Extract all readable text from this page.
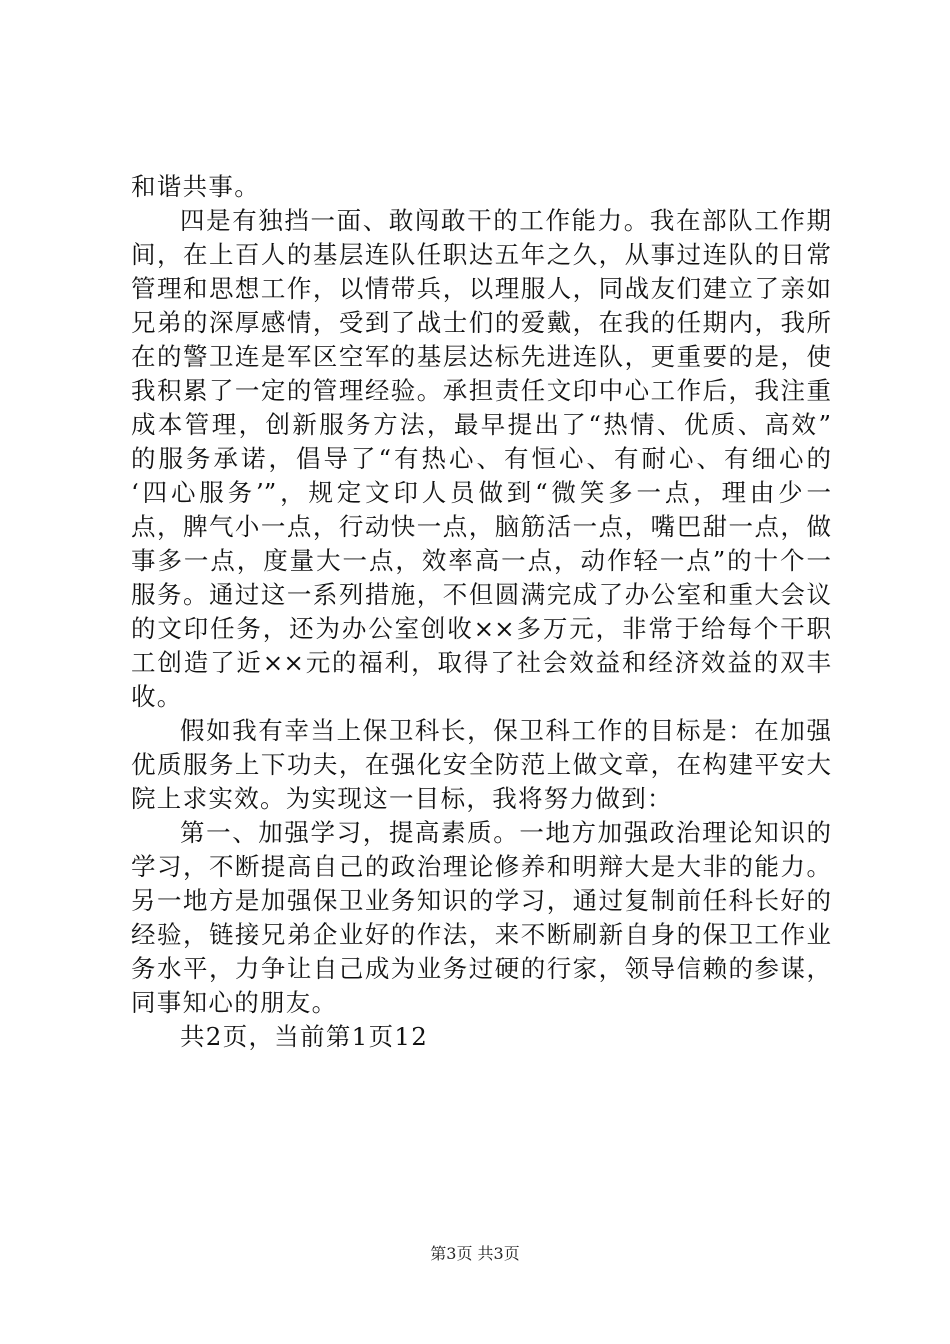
和谐共事。
四是有独挡一面、敢闯敢干的工作能力。我在部队工作期
间，在上百人的基层连队任职达五年之久，从事过连队的日常
管理和思想工作，以情带兵，以理服人，同战友们建立了亲如
兄弟的深厚感情，受到了战士们的爱戴，在我的任期内，我所
在的警卫连是军区空军的基层达标先进连队，更重要的是，使
我积累了一定的管理经验。承担责任文印中心工作后，我注重
成本管理，创新服务方法，最早提出了“热情、优质、高效”
的服务承诺，倡导了“有热心、有恒心、有耐心、有细心的
‘四心服务’”，规定文印人员做到“微笑多一点，理由少一
点，脾气小一点，行动快一点，脑筋活一点，嘴巴甜一点，做
事多一点，度量大一点，效率高一点，动作轻一点”的十个一
服务。通过这一系列措施，不但圆满完成了办公室和重大会议
的文印任务，还为办公室创收××多万元，非常于给每个干职
工创造了近××元的福利，取得了社会效益和经济效益的双丰
收。
假如我有幸当上保卫科长，保卫科工作的目标是：在加强
优质服务上下功夫，在强化安全防范上做文章，在构建平安大
院上求实效。为实现这一目标，我将努力做到：
第一、加强学习，提高素质。一地方加强政治理论知识的
学习，不断提高自己的政治理论修养和明辩大是大非的能力。
另一地方是加强保卫业务知识的学习，通过复制前任科长好的
经验，链接兄弟企业好的作法，来不断刷新自身的保卫工作业
务水平，力争让自己成为业务过硬的行家，领导信赖的参谋，
同事知心的朋友。
共2页，当前第1页12
第3页 共3页
